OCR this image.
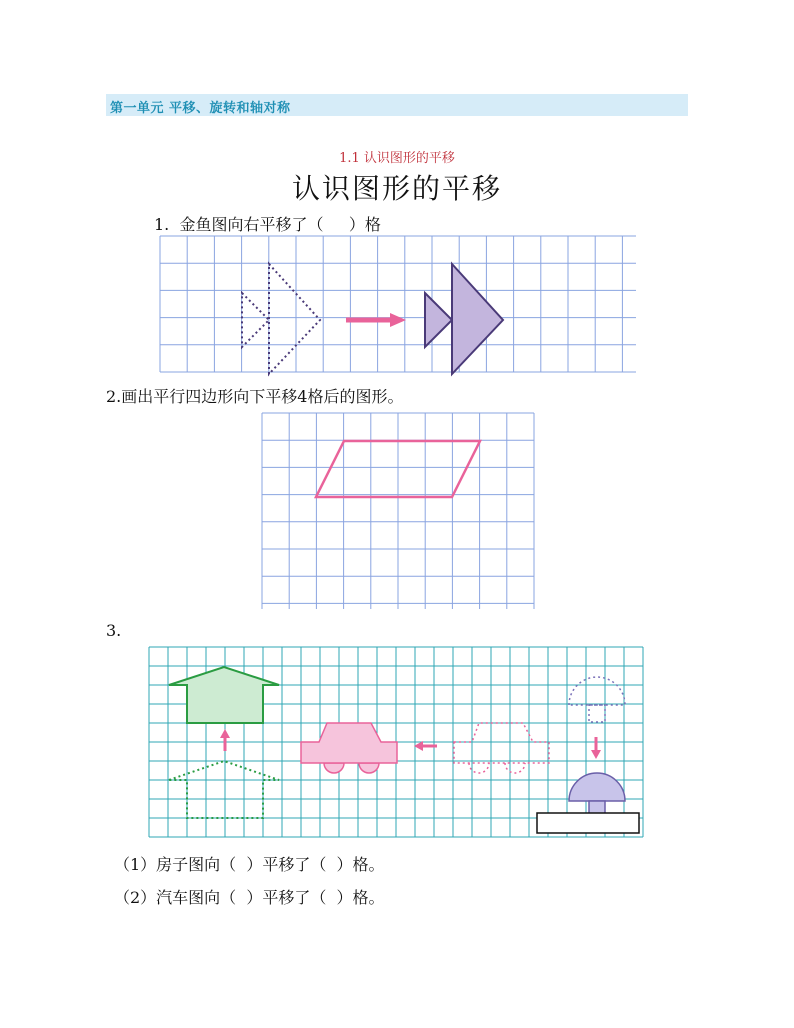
第一单元 平移、旋转和轴对称
1.1 认识图形的平移
认识图形的平移
1.  金鱼图向右平移了（     ）格
2.画出平行四边形向下平移4格后的图形。
3.
（1）房子图向（  ）平移了（  ）格。
（2）汽车图向（  ）平移了（  ）格。
